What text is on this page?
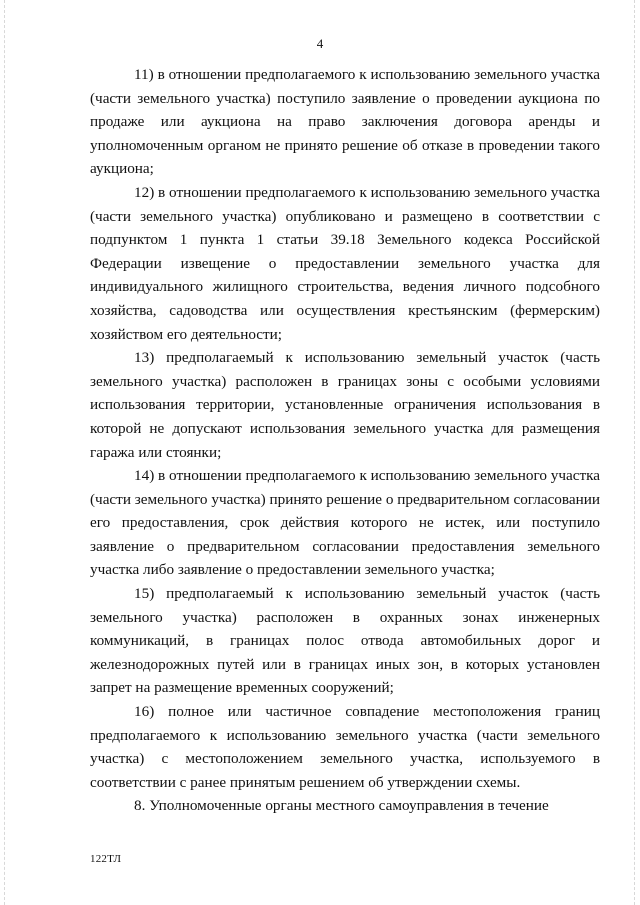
4

11) в отношении предполагаемого к использованию земельного участка (части земельного участка) поступило заявление о проведении аукциона по продаже или аукциона на право заключения договора аренды и уполномоченным органом не принято решение об отказе в проведении такого аукциона;

12) в отношении предполагаемого к использованию земельного участка (части земельного участка) опубликовано и размещено в соответствии с подпунктом 1 пункта 1 статьи 39.18 Земельного кодекса Российской Федерации извещение о предоставлении земельного участка для индивидуального жилищного строительства, ведения личного подсобного хозяйства, садоводства или осуществления крестьянским (фермерским) хозяйством его деятельности;

13) предполагаемый к использованию земельный участок (часть земельного участка) расположен в границах зоны с особыми условиями использования территории, установленные ограничения использования в которой не допускают использования земельного участка для размещения гаража или стоянки;

14) в отношении предполагаемого к использованию земельного участка (части земельного участка) принято решение о предварительном согласовании его предоставления, срок действия которого не истек, или поступило заявление о предварительном согласовании предоставления земельного участка либо заявление о предоставлении земельного участка;

15) предполагаемый к использованию земельный участок (часть земельного участка) расположен в охранных зонах инженерных коммуникаций, в границах полос отвода автомобильных дорог и железнодорожных путей или в границах иных зон, в которых установлен запрет на размещение временных сооружений;

16) полное или частичное совпадение местоположения границ предполагаемого к использованию земельного участка (части земельного участка) с местоположением земельного участка, используемого в соответствии с ранее принятым решением об утверждении схемы.

8. Уполномоченные органы местного самоуправления в течение

122ТЛ
